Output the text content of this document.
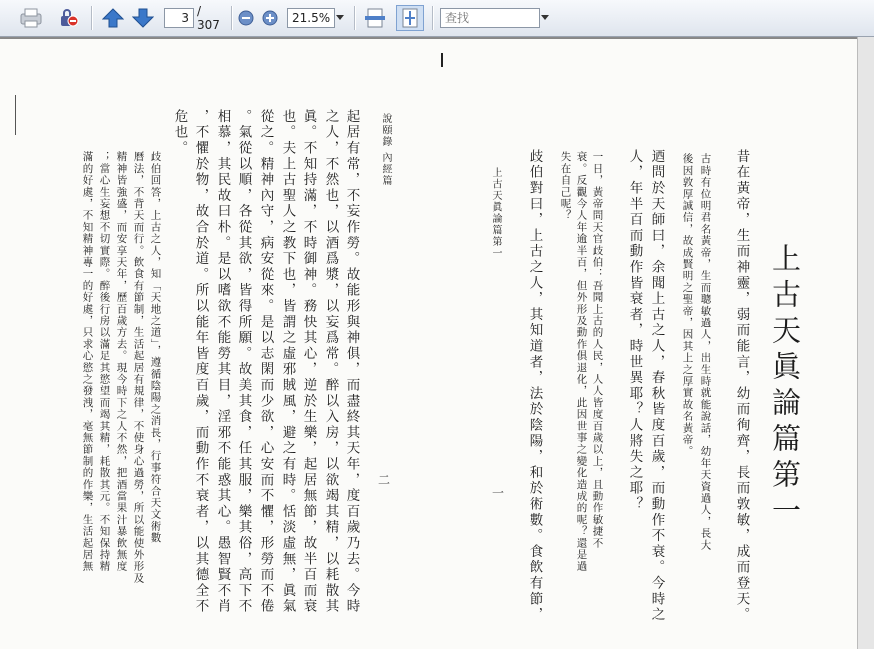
3
/ 307
21.5%
查找
上古天眞論篇第一
昔在黃帝，生而神靈，弱而能言，幼而徇齊，長而敦敏，成而登天。
古時有位明君名黃帝，生而聰敏過人，出生時就能說話，幼年天資過人，長大
後因敦厚誠信，故成賢明之聖帝，因其上之厚實故名黃帝。
迺問於天師曰，余聞上古之人，春秋皆度百歲，而動作不衰。今時之
人，年半百而動作皆衰者，時世異耶？人將失之耶？
一日，黃帝問天官歧伯：吾聞上古的人民，人人皆度百歲以上，且動作敏捷不
衰。反觀今人年逾半百，但外形及動作俱退化，此因世事之變化造成的呢？還是過
失在自己呢？
歧伯對曰，上古之人，其知道者，法於陰陽，和於術數。食飲有節，
上古天眞論篇第一
一
起居有常，不妄作勞。故能形與神俱，而盡終其天年，度百歲乃去。今時
之人，不然也，以酒爲漿，以妄爲常。醉以入房，以欲竭其精，以耗散其
眞。不知持滿，不時御神。務快其心，逆於生樂，起居無節，故半百而衰
也。夫上古聖人之教下也，皆謂之虛邪賊風，避之有時。恬淡虛無，眞氣
從之。精神內守，病安從來。是以志閑而少欲，心安而不懼，形勞而不倦
。氣從以順，各從其欲，皆得所願。故美其食，任其服，樂其俗，高下不
相慕，其民故曰朴。是以嗜欲不能勞其目，淫邪不能惑其心。愚智賢不肖
，不懼於物，故合於道。所以能年皆度百歲，而動作不衰者，以其德全不
危也。
歧伯回答，上古之人，知「天地之道」，遵循陰陽之消長，行事符合天文術數
曆法，不背天而行。飲食有節制，生活起居有規律，不使身心過勞，所以能使外形及
精神皆強盛，而安享天年，歷百歲方去。現今時下之人不然，把酒當果汁暴飲無度
；當心生妄想不切實際。醉後行房以滿足其慾望而竭其精，耗散其元。不知保持精
滿的好處，不知精神專一的好處，只求心慾之發洩，毫無節制的作樂，生活起居無
說頤錄 內經篇
二
